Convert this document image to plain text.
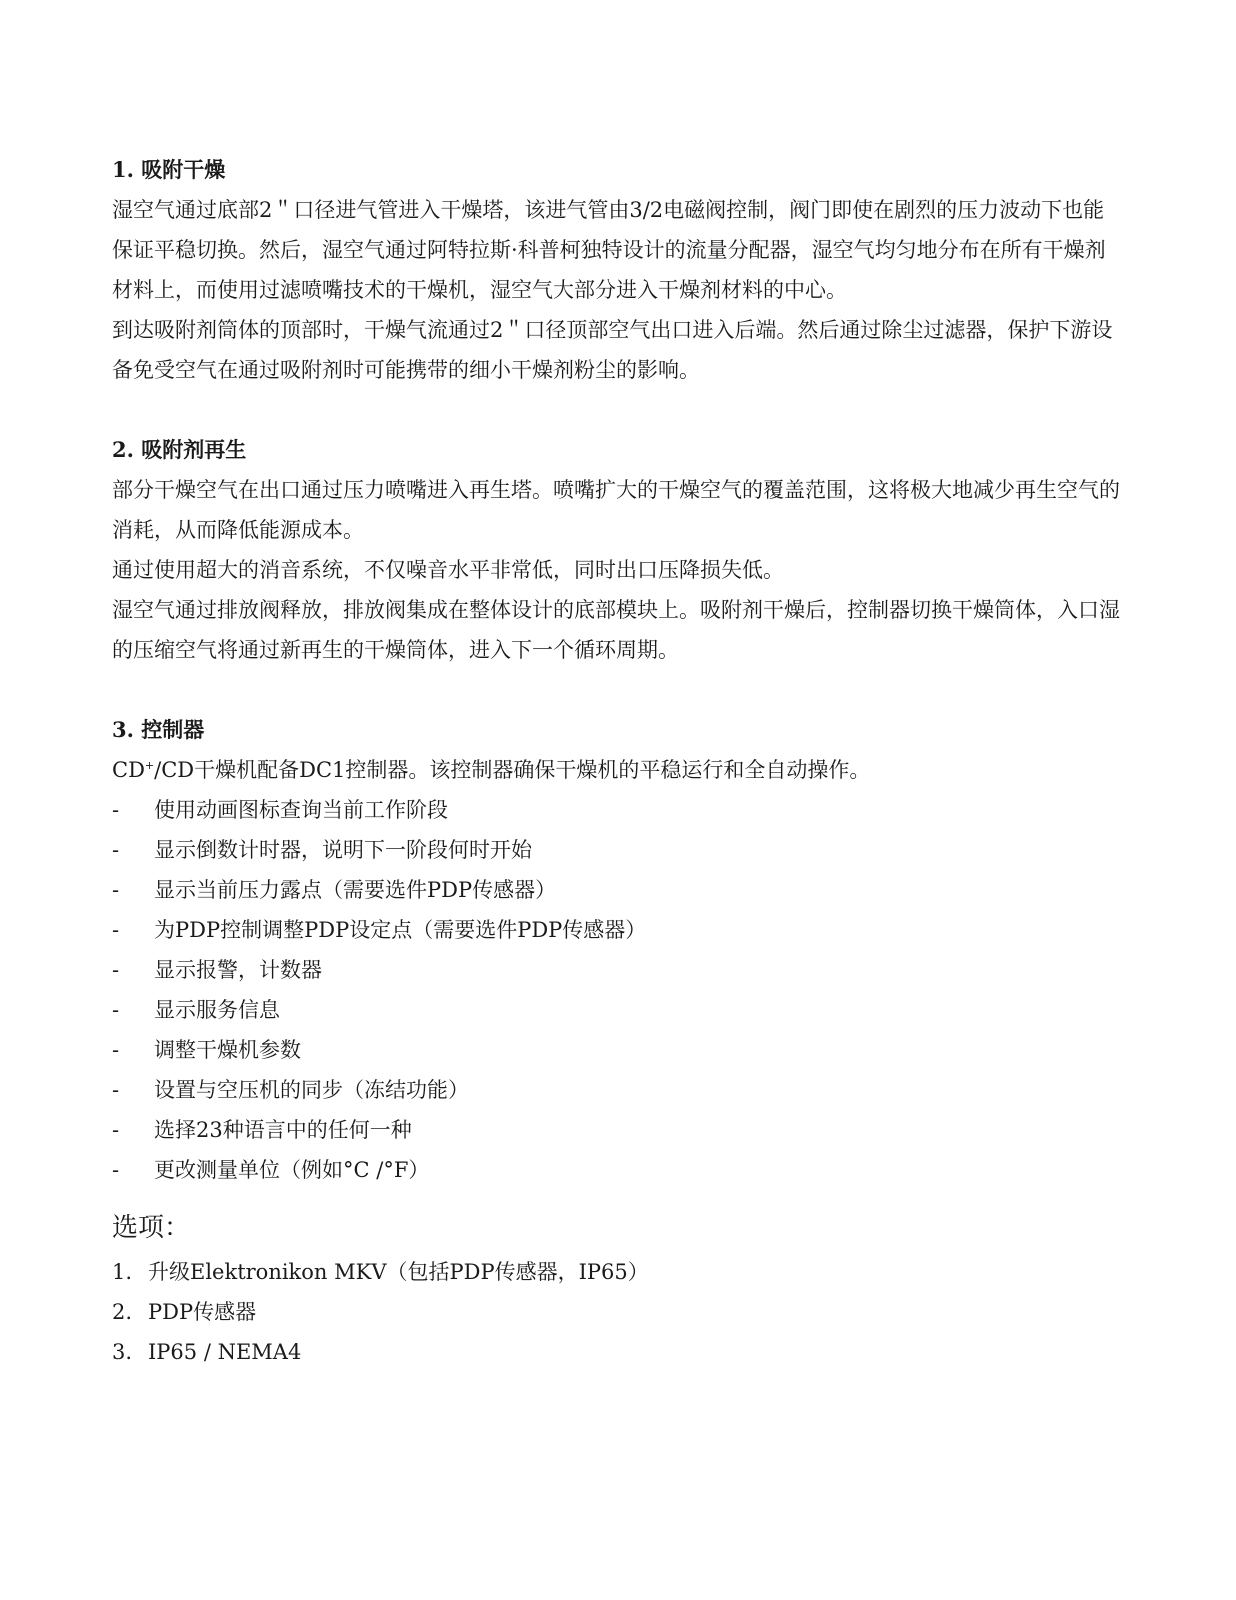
1. 吸附干燥

湿空气通过底部2＂口径进气管进入干燥塔，该进气管由3/2电磁阀控制，阀门即使在剧烈的压力波动下也能保证平稳切换。然后，湿空气通过阿特拉斯·科普柯独特设计的流量分配器，湿空气均匀地分布在所有干燥剂材料上，而使用过滤喷嘴技术的干燥机，湿空气大部分进入干燥剂材料的中心。

到达吸附剂筒体的顶部时，干燥气流通过2＂口径顶部空气出口进入后端。然后通过除尘过滤器，保护下游设备免受空气在通过吸附剂时可能携带的细小干燥剂粉尘的影响。

2. 吸附剂再生

部分干燥空气在出口通过压力喷嘴进入再生塔。喷嘴扩大的干燥空气的覆盖范围，这将极大地减少再生空气的消耗，从而降低能源成本。

通过使用超大的消音系统，不仅噪音水平非常低，同时出口压降损失低。

湿空气通过排放阀释放，排放阀集成在整体设计的底部模块上。吸附剂干燥后，控制器切换干燥筒体，入口湿的压缩空气将通过新再生的干燥筒体，进入下一个循环周期。

3. 控制器

CD+/CD干燥机配备DC1控制器。该控制器确保干燥机的平稳运行和全自动操作。

-	使用动画图标查询当前工作阶段
-	显示倒数计时器，说明下一阶段何时开始
-	显示当前压力露点（需要选件PDP传感器）
-	为PDP控制调整PDP设定点（需要选件PDP传感器）
-	显示报警，计数器
-	显示服务信息
-	调整干燥机参数
-	设置与空压机的同步（冻结功能）
-	选择23种语言中的任何一种
-	更改测量单位（例如°C /°F）

选项：

1. 升级Elektronikon MKV（包括PDP传感器，IP65）
2. PDP传感器
3. IP65 / NEMA4
